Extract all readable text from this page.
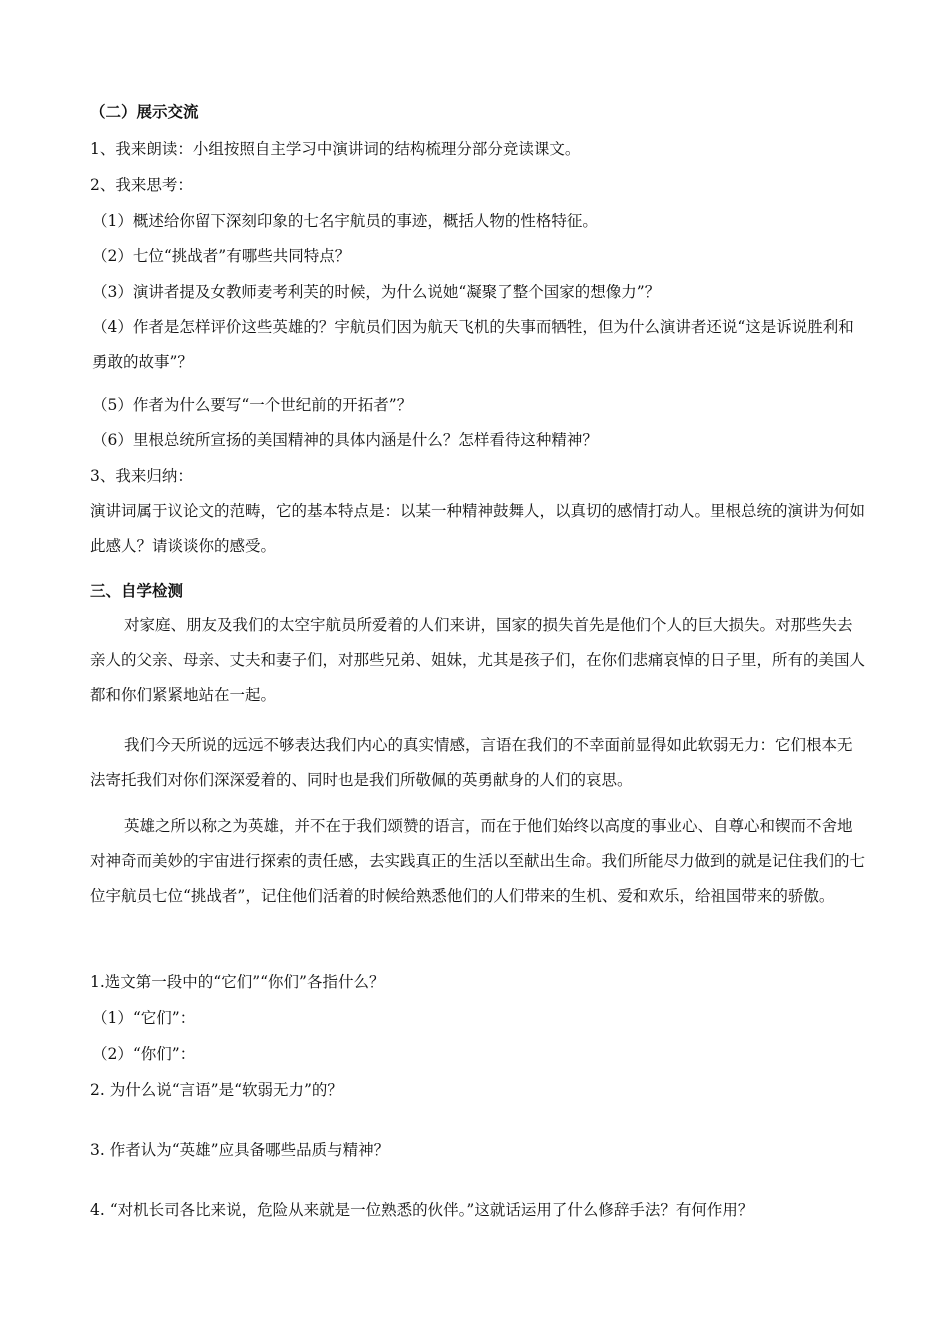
（二）展示交流
1、我来朗读：小组按照自主学习中演讲词的结构梳理分部分竞读课文。
2、我来思考：
（1）概述给你留下深刻印象的七名宇航员的事迹，概括人物的性格特征。
（2）七位“挑战者”有哪些共同特点？
（3）演讲者提及女教师麦考利芙的时候，为什么说她“凝聚了整个国家的想像力”？
（4）作者是怎样评价这些英雄的？宇航员们因为航天飞机的失事而牺牲，但为什么演讲者还说“这是诉说胜利和勇敢的故事”？
（5）作者为什么要写“一个世纪前的开拓者”？
（6）里根总统所宣扬的美国精神的具体内涵是什么？怎样看待这种精神？
3、我来归纳：
演讲词属于议论文的范畴，它的基本特点是：以某一种精神鼓舞人，以真切的感情打动人。里根总统的演讲为何如此感人？请谈谈你的感受。
三、自学检测
对家庭、朋友及我们的太空宇航员所爱着的人们来讲，国家的损失首先是他们个人的巨大损失。对那些失去亲人的父亲、母亲、丈夫和妻子们，对那些兄弟、姐妹，尤其是孩子们，在你们悲痛哀悼的日子里，所有的美国人都和你们紧紧地站在一起。
我们今天所说的远远不够表达我们内心的真实情感，言语在我们的不幸面前显得如此软弱无力：它们根本无法寄托我们对你们深深爱着的、同时也是我们所敬佩的英勇献身的人们的哀思。
英雄之所以称之为英雄，并不在于我们颂赞的语言，而在于他们始终以高度的事业心、自尊心和锲而不舍地对神奇而美妙的宇宙进行探索的责任感，去实践真正的生活以至献出生命。我们所能尽力做到的就是记住我们的七位宇航员七位“挑战者”，记住他们活着的时候给熟悉他们的人们带来的生机、爱和欢乐，给祖国带来的骄傲。
1.选文第一段中的“它们”“你们”各指什么？
（1）“它们”：
（2）“你们”：
2. 为什么说“言语”是“软弱无力”的？
3. 作者认为“英雄”应具备哪些品质与精神？
4. “对机长司各比来说，危险从来就是一位熟悉的伙伴。”这就话运用了什么修辞手法？有何作用？
